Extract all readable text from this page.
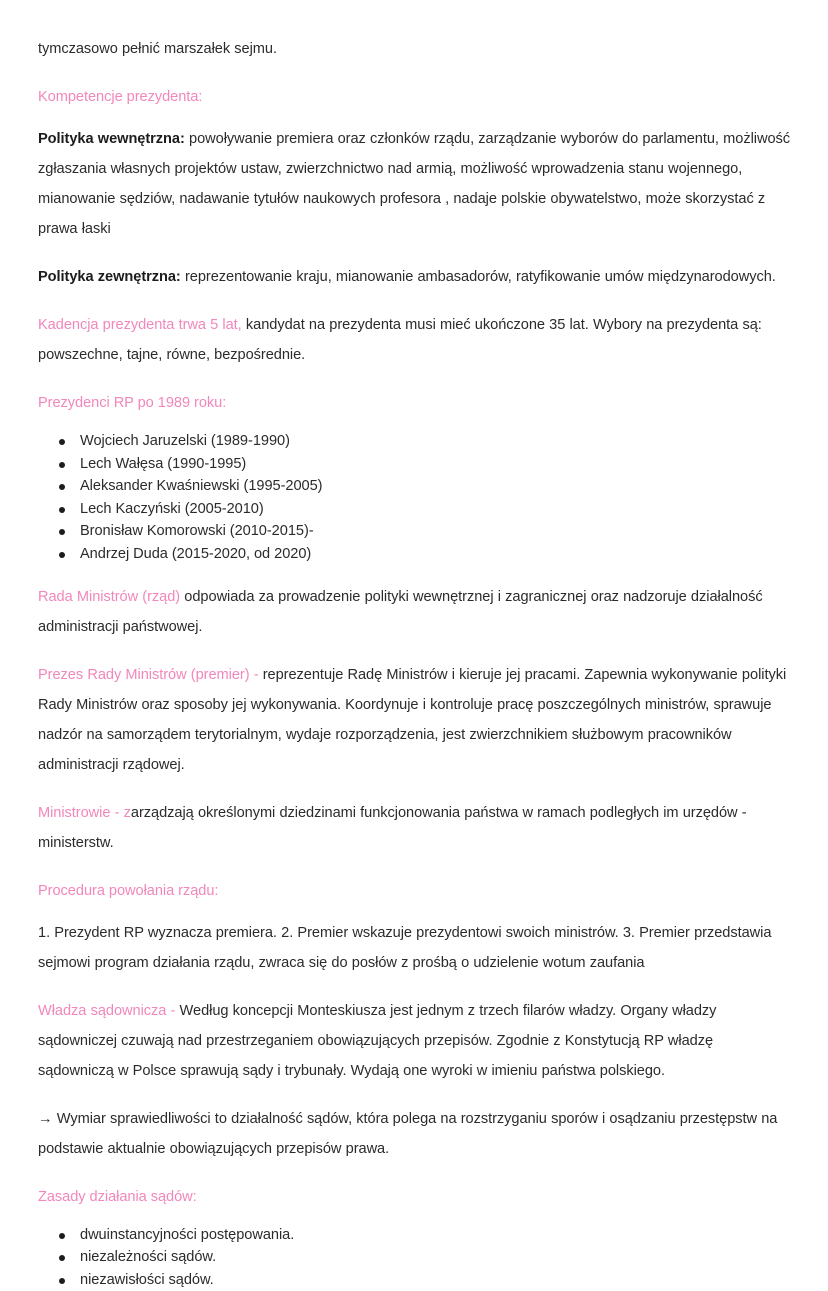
tymczasowo pełnić marszałek sejmu.

Kompetencje prezydenta:

Polityka wewnętrzna: powoływanie premiera oraz członków rządu, zarządzanie wyborów do parlamentu, możliwość zgłaszania własnych projektów ustaw, zwierzchnictwo nad armią, możliwość wprowadzenia stanu wojennego, mianowanie sędziów, nadawanie tytułów naukowych profesora , nadaje polskie obywatelstwo, może skorzystać z prawa łaski

Polityka zewnętrzna: reprezentowanie kraju, mianowanie ambasadorów, ratyfikowanie umów międzynarodowych.

Kadencja prezydenta trwa 5 lat, kandydat na prezydenta musi mieć ukończone 35 lat. Wybory na prezydenta są: powszechne, tajne, równe, bezpośrednie.

Prezydenci RP po 1989 roku:

Wojciech Jaruzelski (1989-1990)
Lech Wałęsa (1990-1995)
Aleksander Kwaśniewski (1995-2005)
Lech Kaczyński (2005-2010)
Bronisław Komorowski (2010-2015)-
Andrzej Duda (2015-2020, od 2020)

Rada Ministrów (rząd) odpowiada za prowadzenie polityki wewnętrznej i zagranicznej oraz nadzoruje działalność administracji państwowej.

Prezes Rady Ministrów (premier) - reprezentuje Radę Ministrów i kieruje jej pracami. Zapewnia wykonywanie polityki Rady Ministrów oraz sposoby jej wykonywania. Koordynuje i kontroluje pracę poszczególnych ministrów, sprawuje nadzór na samorządem terytorialnym, wydaje rozporządzenia, jest zwierzchnikiem służbowym pracowników administracji rządowej.

Ministrowie - zarządzają określonymi dziedzinami funkcjonowania państwa w ramach podległych im urzędów - ministerstw.

Procedura powołania rządu:

1. Prezydent RP wyznacza premiera. 2. Premier wskazuje prezydentowi swoich ministrów. 3. Premier przedstawia sejmowi program działania rządu, zwraca się do posłów z prośbą o udzielenie wotum zaufania

Władza sądownicza - Według koncepcji Monteskiusza jest jednym z trzech filarów władzy. Organy władzy sądowniczej czuwają nad przestrzeganiem obowiązujących przepisów. Zgodnie z Konstytucją RP władzę sądowniczą w Polsce sprawują sądy i trybunały. Wydają one wyroki w imieniu państwa polskiego.

→ Wymiar sprawiedliwości to działalność sądów, która polega na rozstrzyganiu sporów i osądzaniu przestępstw na podstawie aktualnie obowiązujących przepisów prawa.

Zasady działania sądów:

dwuinstancyjności postępowania.
niezależności sądów.
niezawisłości sądów.
